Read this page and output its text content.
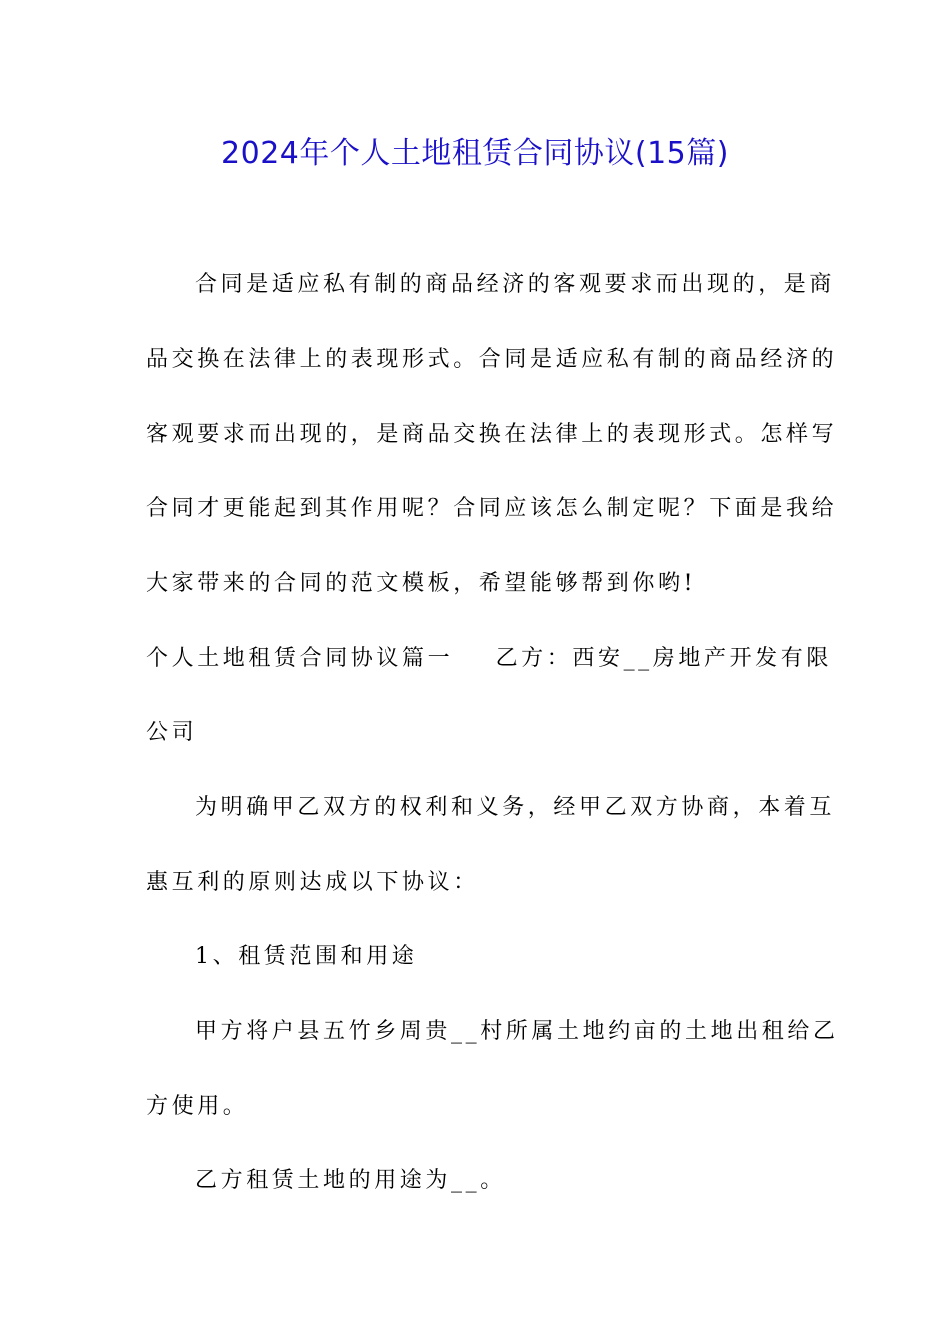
2024年个人土地租赁合同协议(15篇)
合同是适应私有制的商品经济的客观要求而出现的，是商
品交换在法律上的表现形式。合同是适应私有制的商品经济的
客观要求而出现的，是商品交换在法律上的表现形式。怎样写
合同才更能起到其作用呢？合同应该怎么制定呢？下面是我给
大家带来的合同的范文模板，希望能够帮到你哟!
个人土地租赁合同协议篇一    乙方：西安__房地产开发有限
公司
为明确甲乙双方的权利和义务，经甲乙双方协商，本着互
惠互利的原则达成以下协议：
1、租赁范围和用途
甲方将户县五竹乡周贵__村所属土地约亩的土地出租给乙
方使用。
乙方租赁土地的用途为__。
